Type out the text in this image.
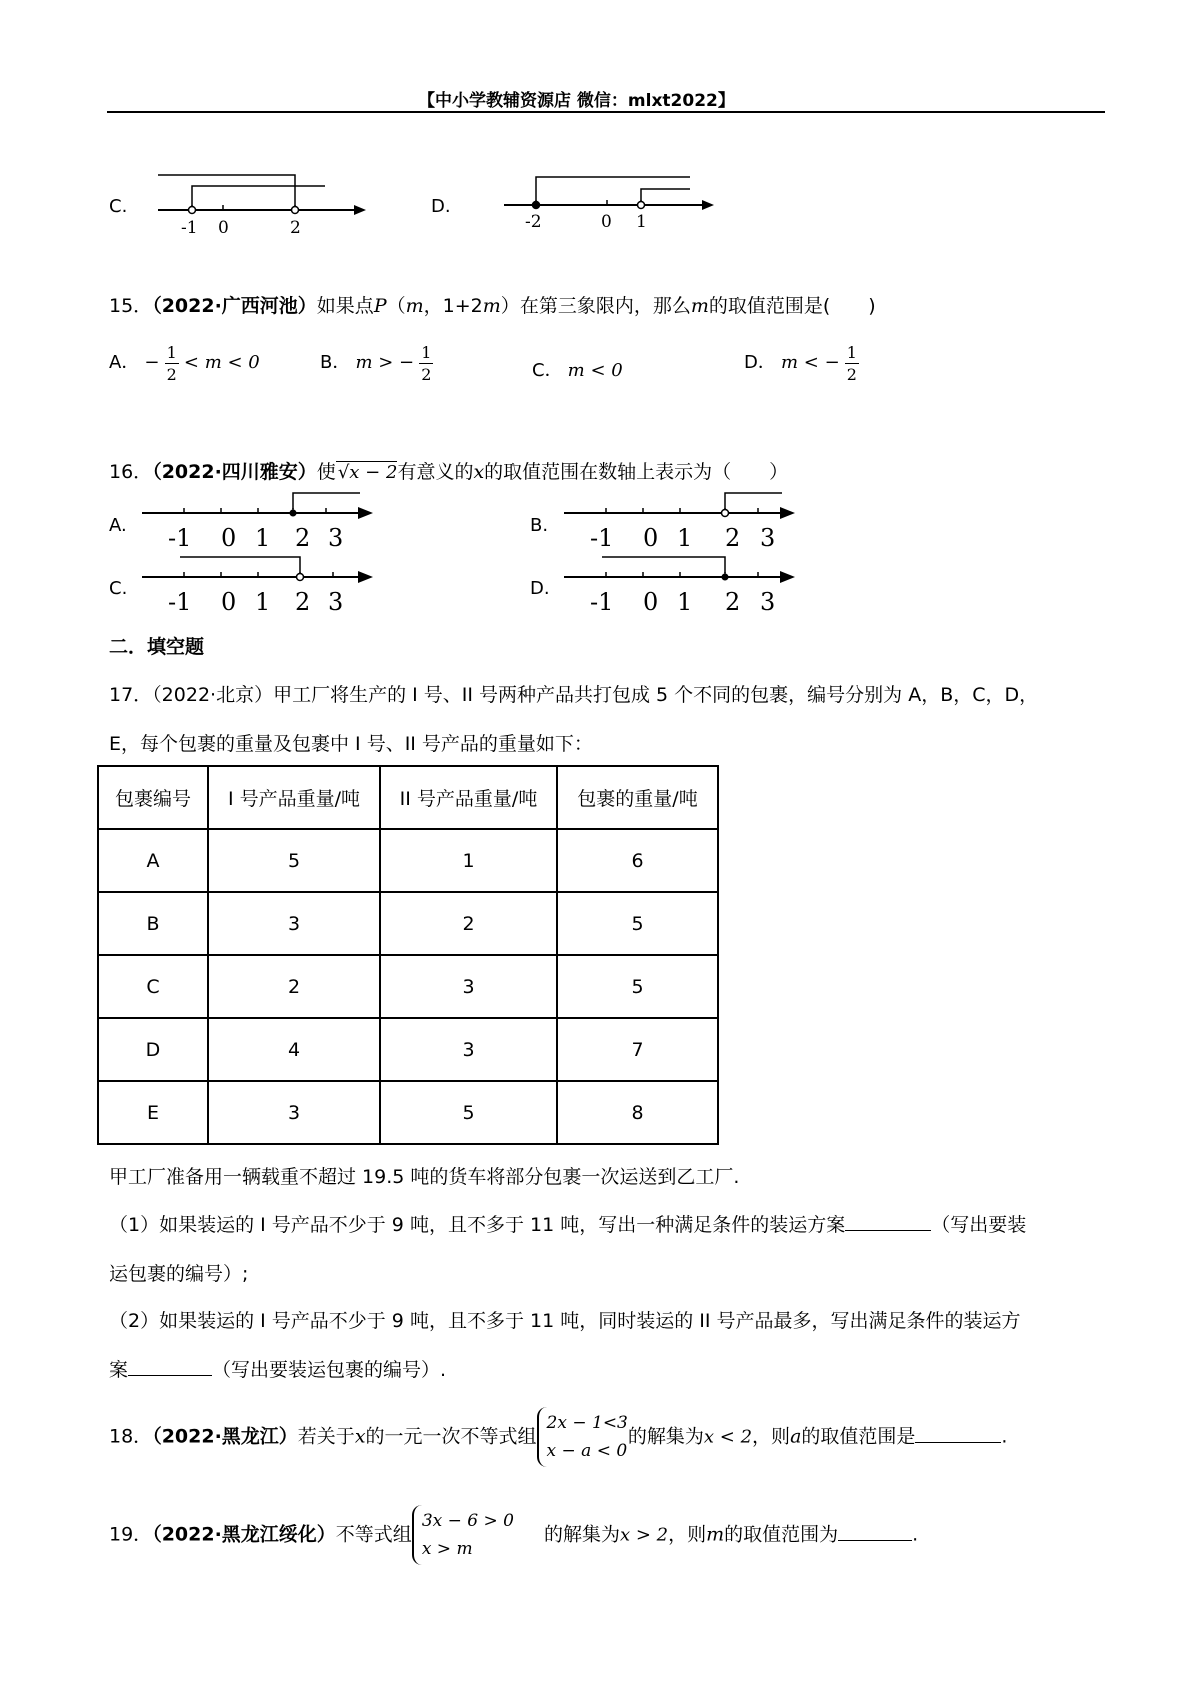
【中小学教辅资源店 微信：mlxt2022】
C.
-1 0	2
D.
-2	0 1
15．（2022·广西河池）如果点P（m，1+2m）在第三象限内，那么m的取值范围是(　　)
A． − $\frac{1}{2} < m < 0$	B． m > − $\frac{1}{2}$	C． m < 0	D． m < − $\frac{1}{2}$
16．（2022·四川雅安）使 √x − 2有意义的x的取值范围在数轴上表示为（　　）
A. -1 0 1 2 3	B. -1 0 1 2 3
C. -1 0 1 2 3	D. -1 0 1 2 3
二．填空题
17．（2022·北京）甲工厂将生产的 I 号、II 号两种产品共打包成 5 个不同的包裹，编号分别为 A，B，C，D，
E，每个包裹的重量及包裹中 I 号、II 号产品的重量如下：
包裹编号	I 号产品重量/吨	II 号产品重量/吨	包裹的重量/吨
A	5	1	6
B	3	2	5
C	2	3	5
D	4	3	7
E	3	5	8
甲工厂准备用一辆载重不超过 19.5 吨的货车将部分包裹一次运送到乙工厂.
（1）如果装运的 I 号产品不少于 9 吨，且不多于 11 吨，写出一种满足条件的装运方案	（写出要装
运包裹的编号）;
（2）如果装运的 I 号产品不少于 9 吨，且不多于 11 吨，同时装运的 II 号产品最多，写出满足条件的装运方
案	（写出要装运包裹的编号）.
18．（2022·黑龙江）若关于x的一元一次不等式组
2x − 1<3
x − a < 0
的解集为x < 2，则a的取值范围是	.
19．（2022·黑龙江绥化）不等式组
3x − 6 > 0
x > m
的解集为x > 2，则m的取值范围为	.
